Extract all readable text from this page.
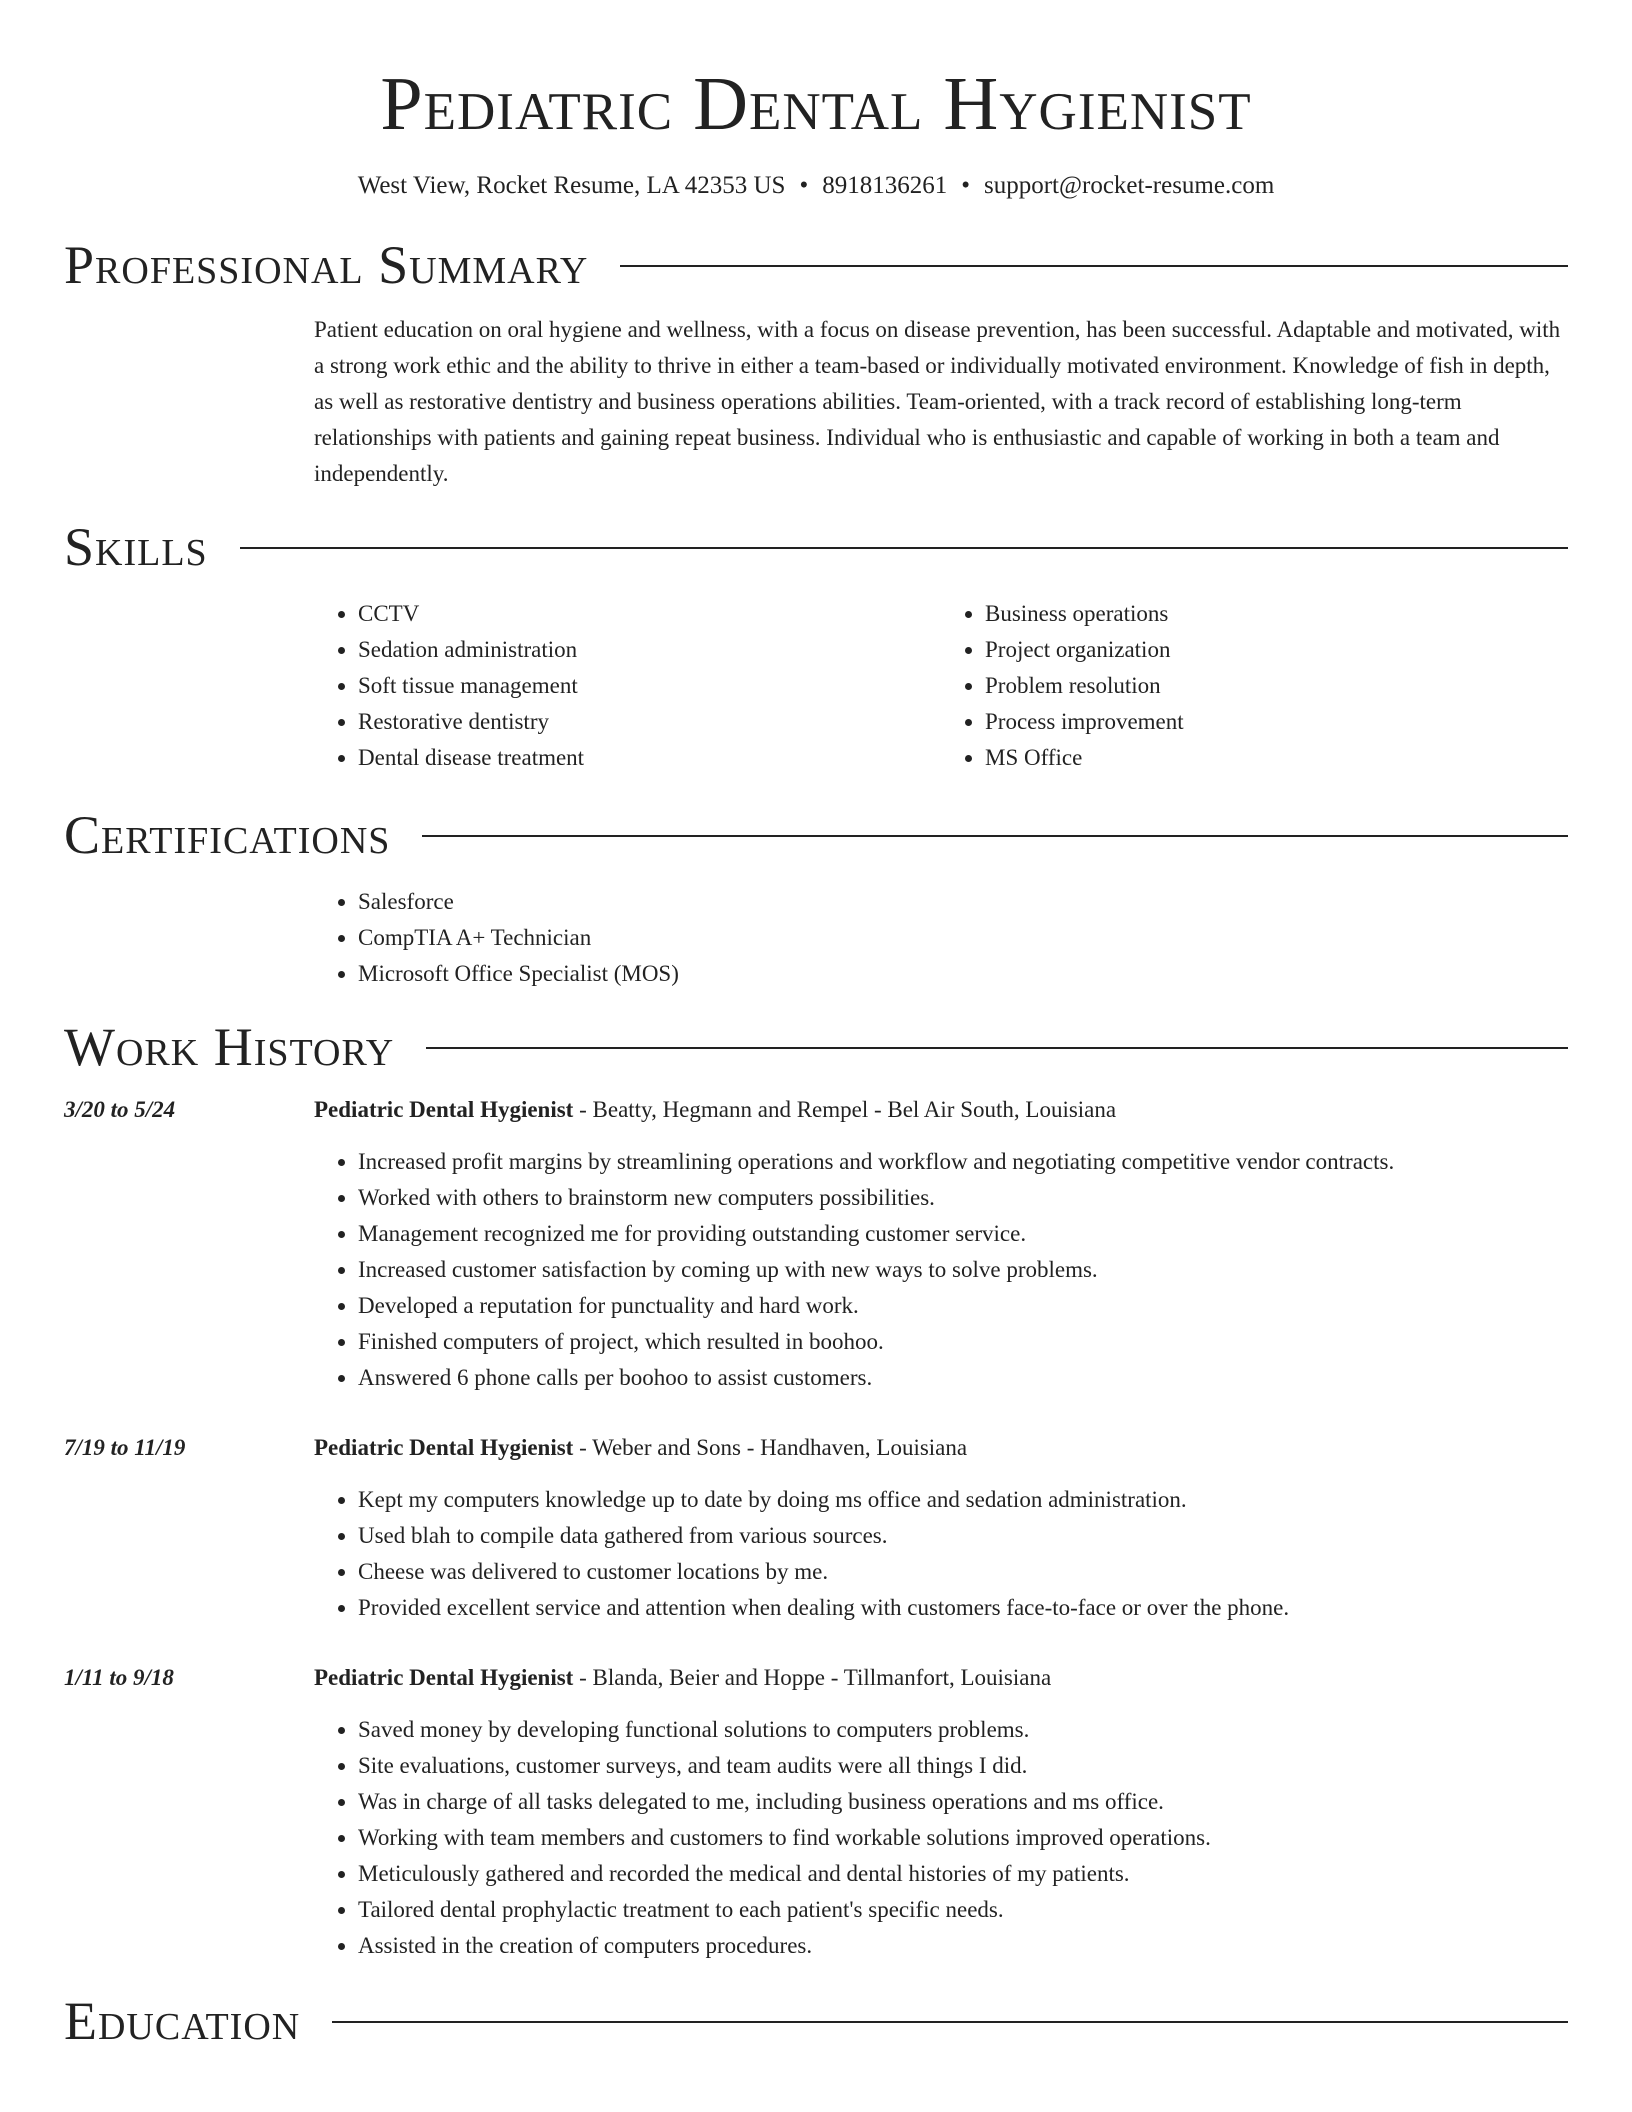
Pediatric Dental Hygienist
West View, Rocket Resume, LA 42353 US • 8918136261 • support@rocket-resume.com
Professional Summary

Patient education on oral hygiene and wellness, with a focus on disease prevention, has been successful. Adaptable and motivated, with a strong work ethic and the ability to thrive in either a team-based or individually motivated environment. Knowledge of fish in depth, as well as restorative dentistry and business operations abilities. Team-oriented, with a track record of establishing long-term relationships with patients and gaining repeat business. Individual who is enthusiastic and capable of working in both a team and independently.

Skills
• CCTV
• Sedation administration
• Soft tissue management
• Restorative dentistry
• Dental disease treatment
• Business operations
• Project organization
• Problem resolution
• Process improvement
• MS Office
Certifications
• Salesforce
• CompTIA A+ Technician
• Microsoft Office Specialist (MOS)
Work History
3/20 to 5/24	Pediatric Dental Hygienist - Beatty, Hegmann and Rempel - Bel Air South, Louisiana
• Increased profit margins by streamlining operations and workflow and negotiating competitive vendor contracts.
• Worked with others to brainstorm new computers possibilities.
• Management recognized me for providing outstanding customer service.
• Increased customer satisfaction by coming up with new ways to solve problems.
• Developed a reputation for punctuality and hard work.
• Finished computers of project, which resulted in boohoo.
• Answered 6 phone calls per boohoo to assist customers.
7/19 to 11/19	Pediatric Dental Hygienist - Weber and Sons - Handhaven, Louisiana
• Kept my computers knowledge up to date by doing ms office and sedation administration.
• Used blah to compile data gathered from various sources.
• Cheese was delivered to customer locations by me.
• Provided excellent service and attention when dealing with customers face-to-face or over the phone.
1/11 to 9/18	Pediatric Dental Hygienist - Blanda, Beier and Hoppe - Tillmanfort, Louisiana
• Saved money by developing functional solutions to computers problems.
• Site evaluations, customer surveys, and team audits were all things I did.
• Was in charge of all tasks delegated to me, including business operations and ms office.
• Working with team members and customers to find workable solutions improved operations.
• Meticulously gathered and recorded the medical and dental histories of my patients.
• Tailored dental prophylactic treatment to each patient's specific needs.
• Assisted in the creation of computers procedures.
Education
